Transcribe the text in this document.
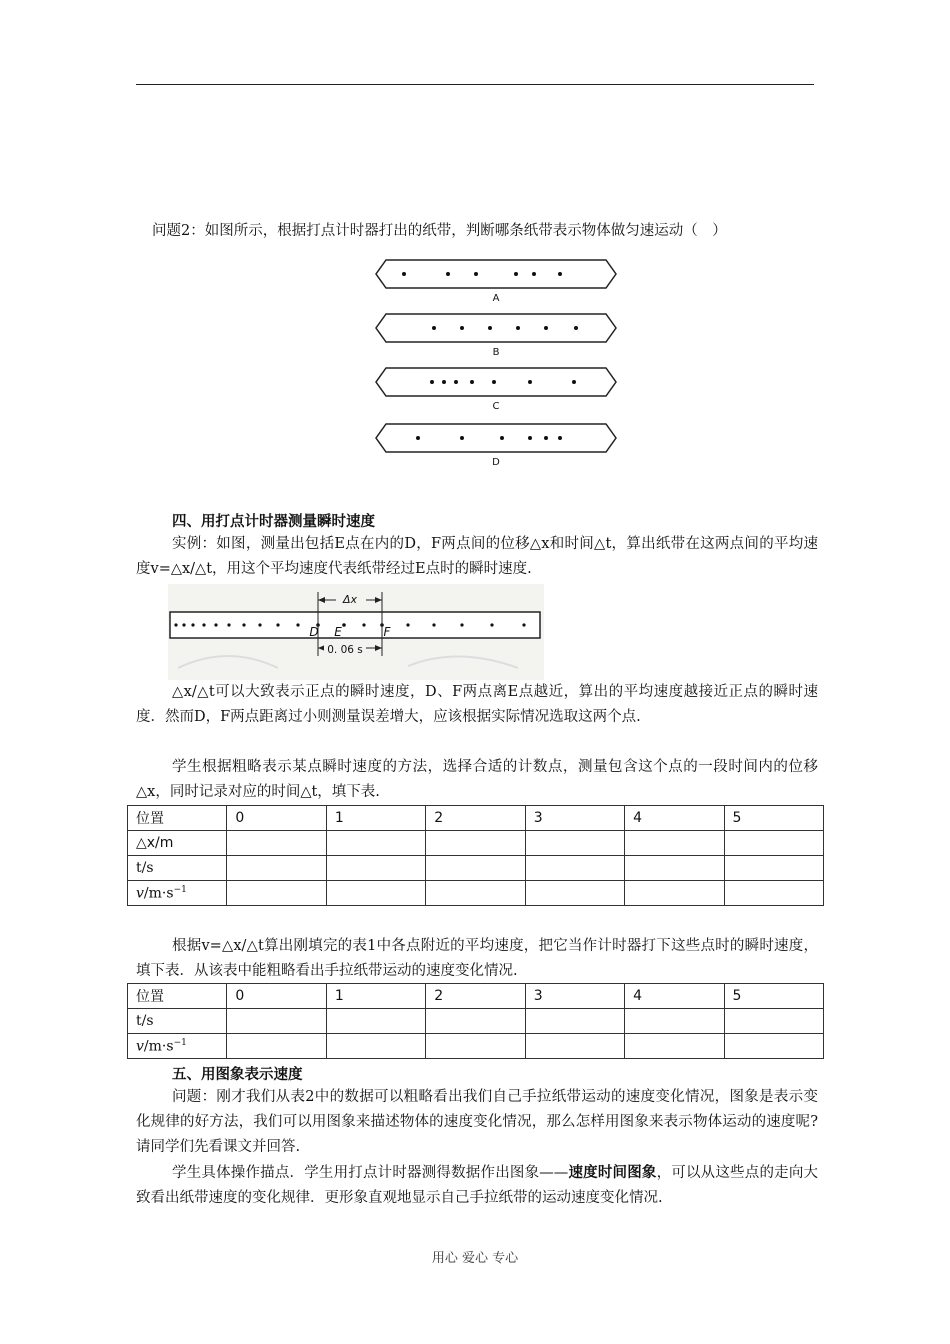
问题2：如图所示，根据打点计时器打出的纸带，判断哪条纸带表示物体做匀速运动（　）

A
B
C
D

四、用打点计时器测量瞬时速度

实例：如图，测量出包括E点在内的D，F两点间的位移△x和时间△t，算出纸带在这两点间的平均速度v=△x/△t，用这个平均速度代表纸带经过E点时的瞬时速度.

Δx
D E	F
0. 06 s

△x/△t可以大致表示正点的瞬时速度，D、F两点离E点越近，算出的平均速度越接近正点的瞬时速度．然而D，F两点距离过小则测量误差增大，应该根据实际情况选取这两个点.

学生根据粗略表示某点瞬时速度的方法，选择合适的计数点，测量包含这个点的一段时间内的位移△x，同时记录对应的时间△t，填下表.

位置	0	1	2	3	4	5
△x/m						
t/s						
$v/m\cdot s^{-1}$						

根据v=△x/△t算出刚填完的表1中各点附近的平均速度，把它当作计时器打下这些点时的瞬时速度，填下表．从该表中能粗略看出手拉纸带运动的速度变化情况.

位置	0	1	2	3	4	5
t/s						
$v/m\cdot s^{-1}$						

五、用图象表示速度

问题：刚才我们从表2中的数据可以粗略看出我们自己手拉纸带运动的速度变化情况，图象是表示变化规律的好方法，我们可以用图象来描述物体的速度变化情况，那么怎样用图象来表示物体运动的速度呢?请同学们先看课文并回答.

学生具体操作描点．学生用打点计时器测得数据作出图象——速度时间图象，可以从这些点的走向大致看出纸带速度的变化规律．更形象直观地显示自己手拉纸带的运动速度变化情况.

用心 爱心 专心
